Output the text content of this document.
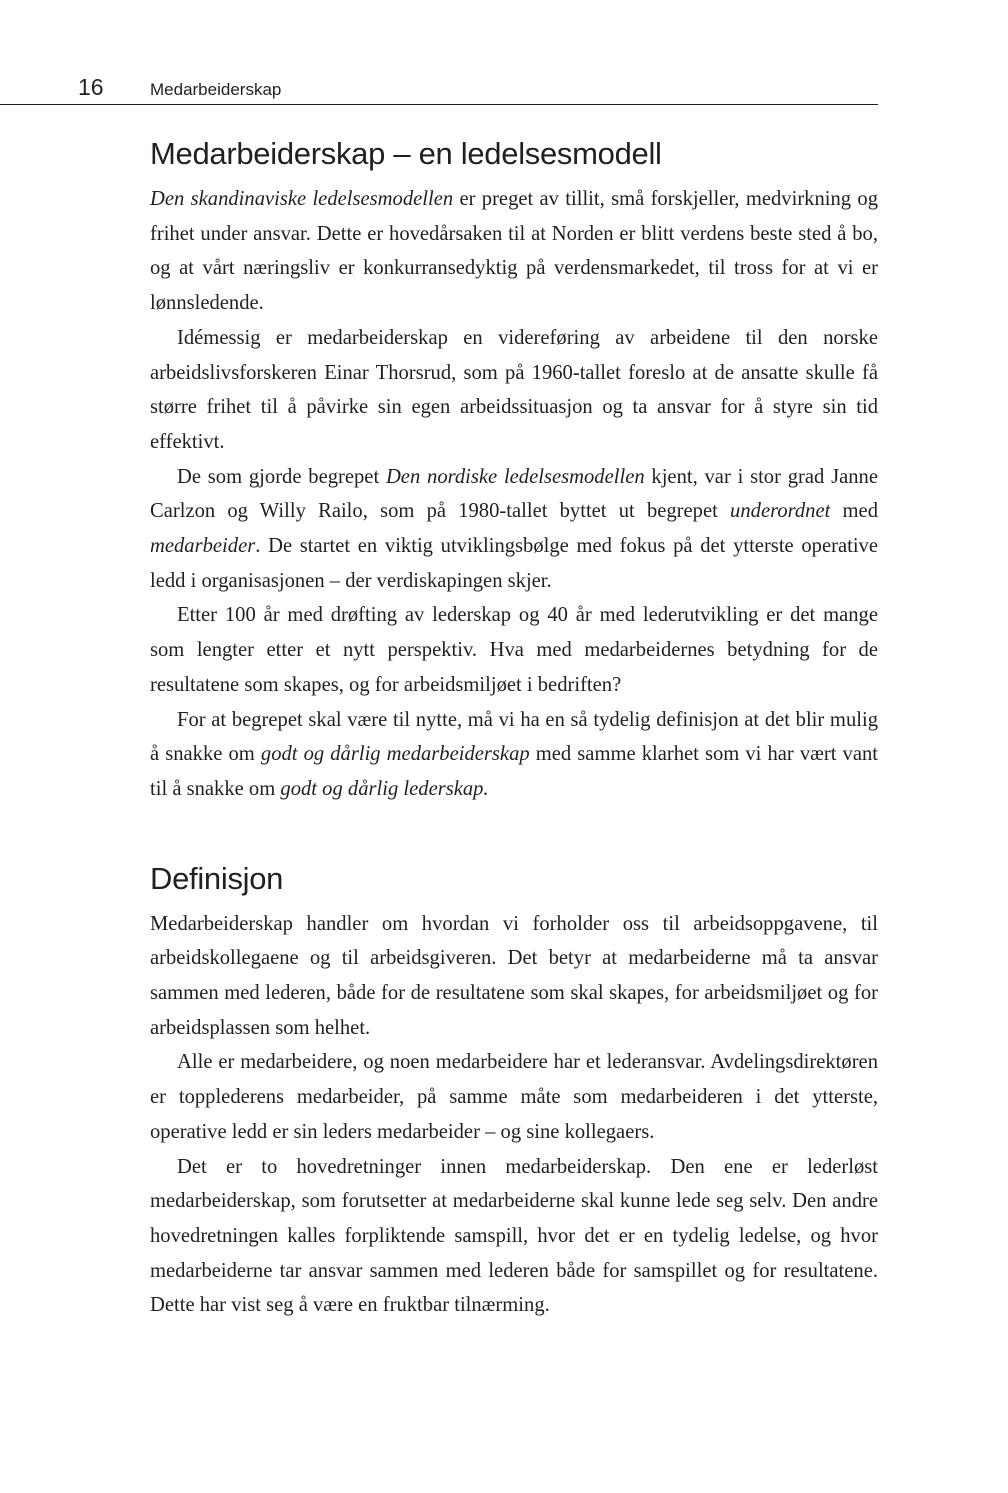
16	Medarbeiderskap
Medarbeiderskap – en ledelsesmodell

Den skandinaviske ledelsesmodellen er preget av tillit, små forskjeller, medvirkning og frihet under ansvar. Dette er hovedårsaken til at Norden er blitt verdens beste sted å bo, og at vårt næringsliv er konkurransedyktig på verdensmarkedet, til tross for at vi er lønnsledende.

Idémessig er medarbeiderskap en videreføring av arbeidene til den norske arbeidslivsforskeren Einar Thorsrud, som på 1960-tallet foreslo at de ansatte skulle få større frihet til å påvirke sin egen arbeidssituasjon og ta ansvar for å styre sin tid effektivt.

De som gjorde begrepet Den nordiske ledelsesmodellen kjent, var i stor grad Janne Carlzon og Willy Railo, som på 1980-tallet byttet ut begrepet underordnet med medarbeider. De startet en viktig utviklingsbølge med fokus på det ytterste operative ledd i organisasjonen – der verdiskapingen skjer.

Etter 100 år med drøfting av lederskap og 40 år med lederutvikling er det mange som lengter etter et nytt perspektiv. Hva med medarbeidernes betydning for de resultatene som skapes, og for arbeidsmiljøet i bedriften?

For at begrepet skal være til nytte, må vi ha en så tydelig definisjon at det blir mulig å snakke om godt og dårlig medarbeiderskap med samme klarhet som vi har vært vant til å snakke om godt og dårlig lederskap.

Definisjon

Medarbeiderskap handler om hvordan vi forholder oss til arbeidsoppgavene, til arbeidskollegaene og til arbeidsgiveren. Det betyr at medarbeiderne må ta ansvar sammen med lederen, både for de resultatene som skal skapes, for arbeidsmiljøet og for arbeidsplassen som helhet.

Alle er medarbeidere, og noen medarbeidere har et lederansvar. Avdelingsdirektøren er topplederens medarbeider, på samme måte som medarbeideren i det ytterste, operative ledd er sin leders medarbeider – og sine kollegaers.

Det er to hovedretninger innen medarbeiderskap. Den ene er lederløst medarbeiderskap, som forutsetter at medarbeiderne skal kunne lede seg selv. Den andre hovedretningen kalles forpliktende samspill, hvor det er en tydelig ledelse, og hvor medarbeiderne tar ansvar sammen med lederen både for samspillet og for resultatene. Dette har vist seg å være en fruktbar tilnærming.
